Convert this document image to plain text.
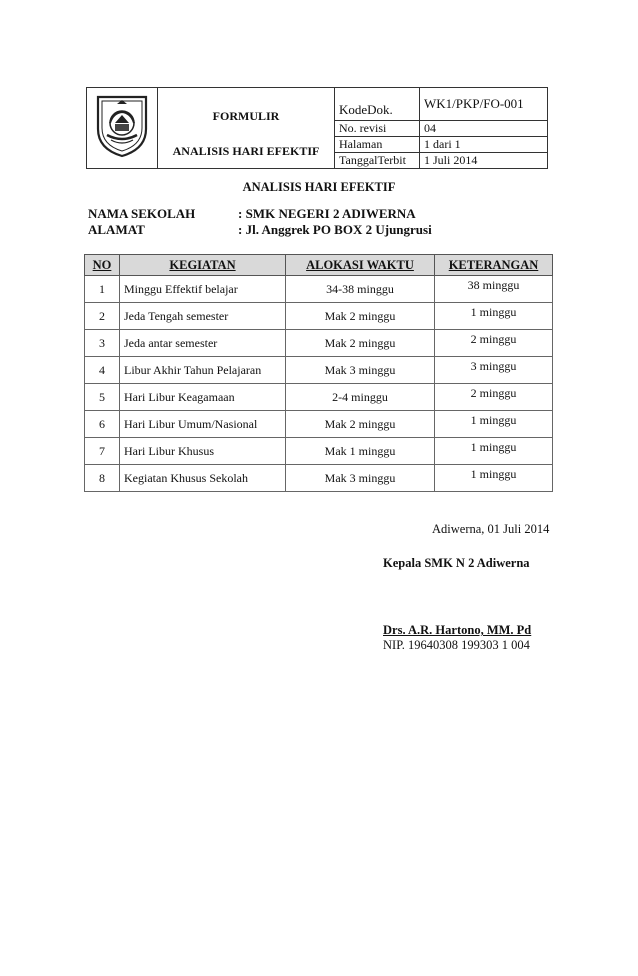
FORMULIR
ANALISIS HARI EFEKTIF	KodeDok.	WK1/PKP/FO-001
		No. revisi	04
		Halaman	1 dari 1
		TanggalTerbit	1 Juli 2014
ANALISIS HARI EFEKTIF
NAMA SEKOLAH	: SMK NEGERI 2 ADIWERNA
ALAMAT	: Jl. Anggrek PO BOX 2 Ujungrusi
NO	KEGIATAN	ALOKASI WAKTU	KETERANGAN
1	Minggu Effektif belajar	34-38 minggu	38 minggu
2	Jeda Tengah semester	Mak 2 minggu	1 minggu
3	Jeda antar semester	Mak 2 minggu	2 minggu
4	Libur Akhir Tahun Pelajaran	Mak 3 minggu	3 minggu
5	Hari Libur Keagamaan	2-4 minggu	2 minggu
6	Hari Libur Umum/Nasional	Mak 2 minggu	1 minggu
7	Hari Libur Khusus	Mak 1 minggu	1 minggu
8	Kegiatan Khusus Sekolah	Mak 3 minggu	1 minggu
Adiwerna, 01 Juli 2014
Kepala SMK N 2 Adiwerna
Drs. A.R. Hartono, MM. Pd
NIP. 19640308 199303 1 004
